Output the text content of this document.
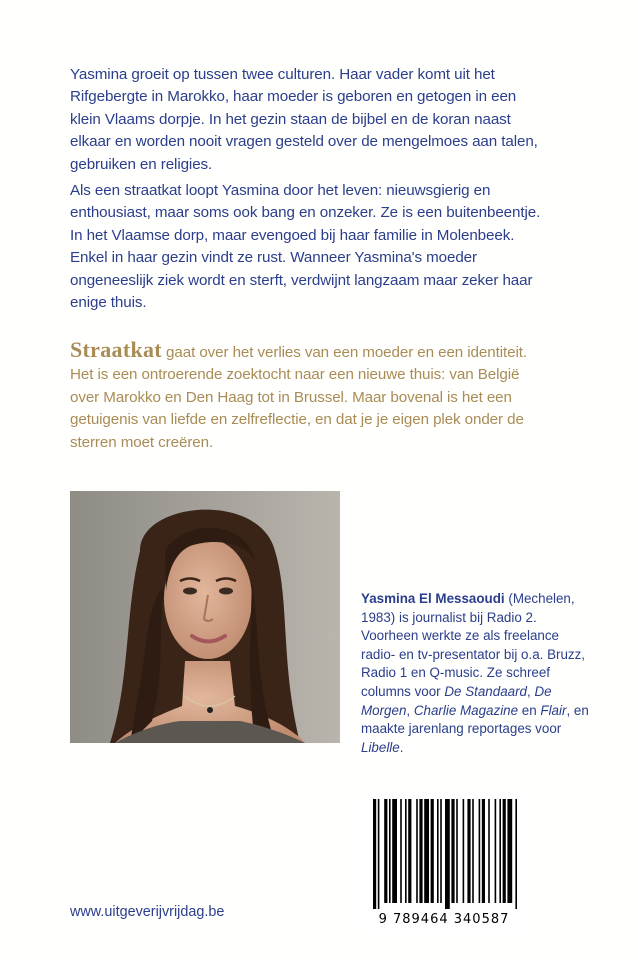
Yasmina groeit op tussen twee culturen. Haar vader komt uit het Rifgebergte in Marokko, haar moeder is geboren en getogen in een klein Vlaams dorpje. In het gezin staan de bijbel en de koran naast elkaar en worden nooit vragen gesteld over de mengelmoes aan talen, gebruiken en religies.

Als een straatkat loopt Yasmina door het leven: nieuwsgierig en enthousiast, maar soms ook bang en onzeker. Ze is een buitenbeentje. In het Vlaamse dorp, maar evengoed bij haar familie in Molenbeek. Enkel in haar gezin vindt ze rust. Wanneer Yasmina's moeder ongeneeslijk ziek wordt en sterft, verdwijnt langzaam maar zeker haar enige thuis.

Straatkat gaat over het verlies van een moeder en een identiteit. Het is een ontroerende zoektocht naar een nieuwe thuis: van België over Marokko en Den Haag tot in Brussel. Maar bovenal is het een getuigenis van liefde en zelfreflectie, en dat je je eigen plek onder de sterren moet creëren.

Yasmina El Messaoudi (Mechelen, 1983) is journalist bij Radio 2. Voorheen werkte ze als freelance radio- en tv-presentator bij o.a. Bruzz, Radio 1 en Q-music. Ze schreef columns voor De Standaard, De Morgen, Charlie Magazine en Flair, en maakte jarenlang reportages voor Libelle.

9 789464 340587

www.uitgeverijvrijdag.be
